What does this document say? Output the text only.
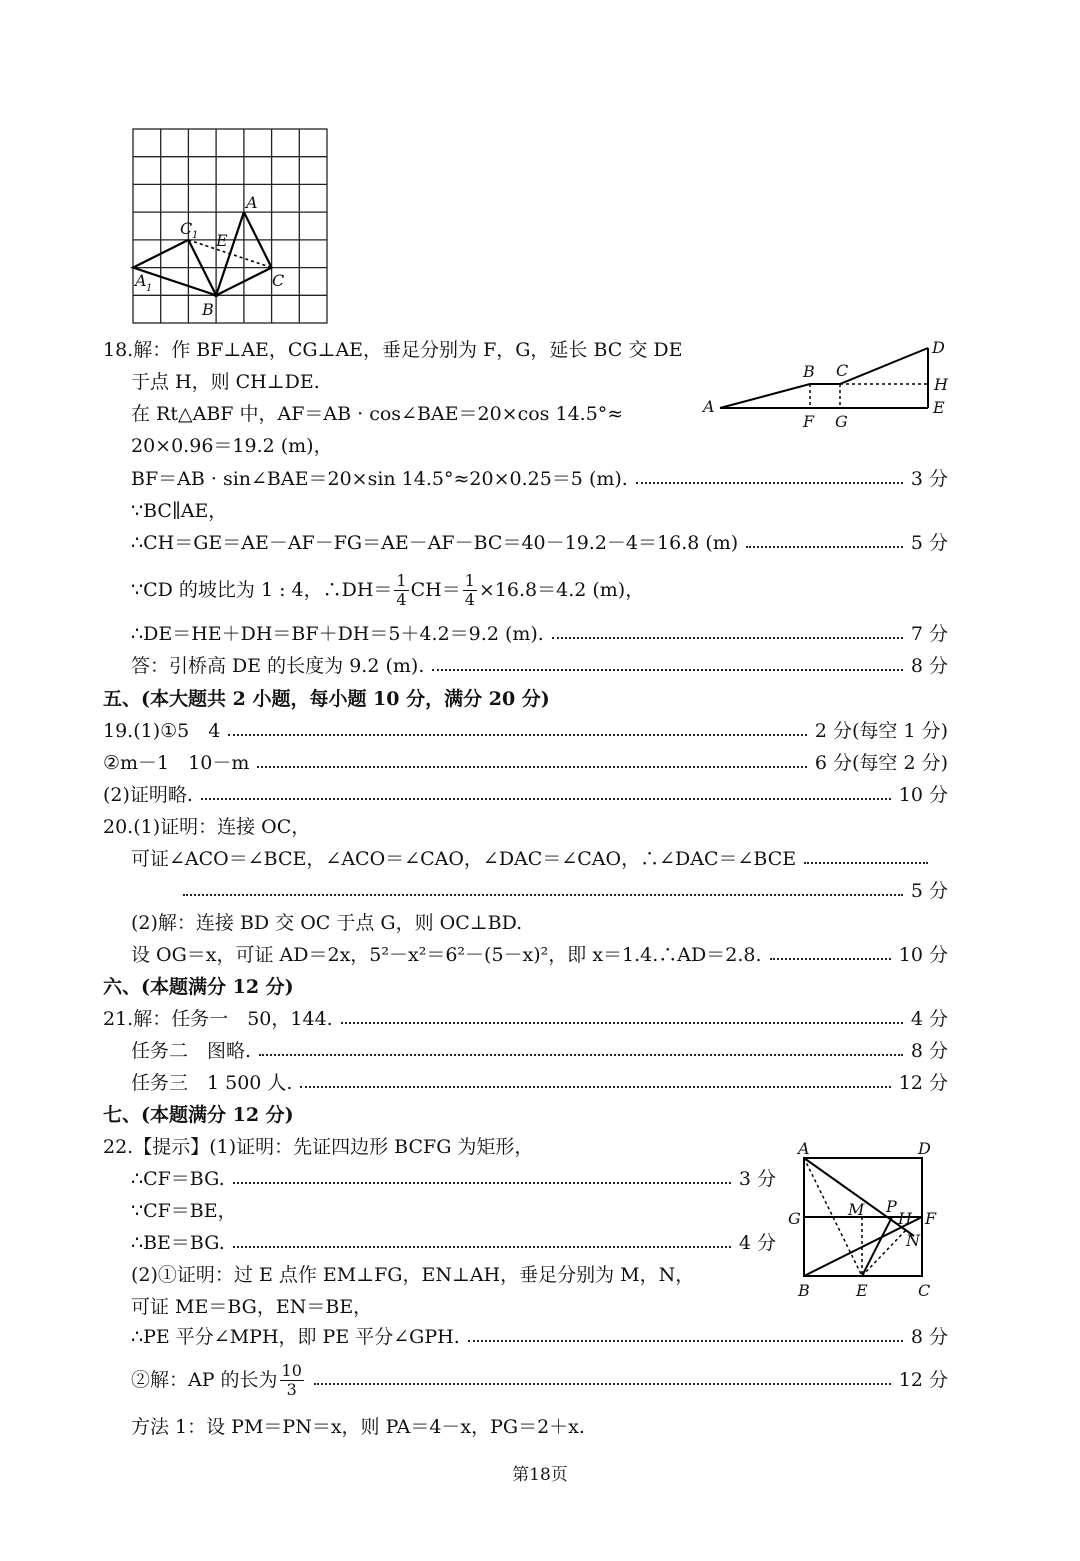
A
C 1 E
A 1
B
C
A
B C
D
H
E
F G
A	D
G	M P
H F
N
B	E	C
18.解：作 BF⊥AE，CG⊥AE，垂足分别为 F，G，延长 BC 交 DE
于点 H，则 CH⊥DE.
在 Rt△ABF 中，AF＝AB · cos∠BAE＝20×cos 14.5°≈
20×0.96＝19.2 (m)，
BF＝AB · sin∠BAE＝20×sin 14.5°≈20×0.25＝5 (m).	3 分
∵BC∥AE，
∴CH＝GE＝AE－AF－FG＝AE－AF－BC＝40－19.2－4＝16.8 (m)	5 分
∵CD 的坡比为 1 : 4，∴DH＝ $\frac{1}{4} CH= \frac{1}{4} \times 16.8=4.2$ (m)，
∴DE＝HE＋DH＝BF＋DH＝5＋4.2＝9.2 (m).	7 分
答：引桥高 DE 的长度为 9.2 (m).	8 分
五、(本大题共 2 小题，每小题 10 分，满分 20 分)
19.(1)①5　4	2 分(每空 1 分)
②m－1　10－m	6 分(每空 2 分)
(2)证明略.	10 分
20.(1)证明：连接 OC，
可证∠ACO＝∠BCE，∠ACO＝∠CAO，∠DAC＝∠CAO，∴∠DAC＝∠BCE
5 分
(2)解：连接 BD 交 OC 于点 G，则 OC⊥BD.
设 OG＝x，可证 AD＝2x，5²－x²＝6²－(5－x)²，即 x＝1.4.∴AD＝2.8.	10 分
六、(本题满分 12 分)
21.解：任务一　50，144.	4 分
任务二　图略.	8 分
任务三　1 500 人.	12 分
七、(本题满分 12 分)
22.【提示】(1)证明：先证四边形 BCFG 为矩形，
∴CF＝BG.	3 分
∵CF＝BE，
∴BE＝BG.	4 分
(2)①证明：过 E 点作 EM⊥FG，EN⊥AH，垂足分别为 M，N，
可证 ME＝BG，EN＝BE，
∴PE 平分∠MPH，即 PE 平分∠GPH.	8 分
②解：AP 的长为 $\frac{10}{3}$	12 分
方法 1：设 PM＝PN＝x，则 PA＝4－x，PG＝2＋x.
第18页
